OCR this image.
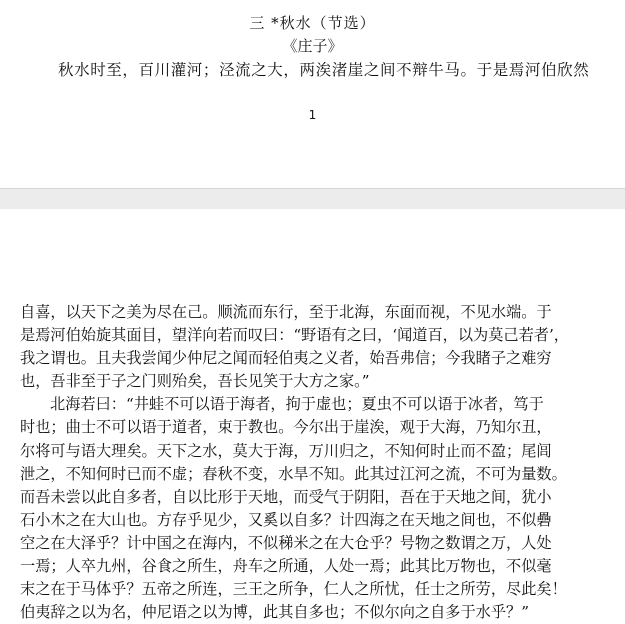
三 *秋水（节选）
《庄子》
秋水时至，百川灌河；泾流之大，两涘渚崖之间不辩牛马。于是焉河伯欣然
1
自喜，以天下之美为尽在己。顺流而东行，至于北海，东面而视，不见水端。于
是焉河伯始旋其面目，望洋向若而叹曰：“野语有之曰，‘闻道百，以为莫己若者’，
我之谓也。且夫我尝闻少仲尼之闻而轻伯夷之义者，始吾弗信；今我睹子之难穷
也，吾非至于子之门则殆矣，吾长见笑于大方之家。”
北海若曰：“井蛙不可以语于海者，拘于虚也；夏虫不可以语于冰者，笃于
时也；曲士不可以语于道者，束于教也。今尔出于崖涘，观于大海，乃知尔丑，
尔将可与语大理矣。天下之水，莫大于海，万川归之，不知何时止而不盈；尾闾
泄之，不知何时已而不虚；春秋不变，水旱不知。此其过江河之流，不可为量数。
而吾未尝以此自多者，自以比形于天地，而受气于阴阳，吾在于天地之间，犹小
石小木之在大山也。方存乎见少，又奚以自多？计四海之在天地之间也，不似礨
空之在大泽乎？计中国之在海内，不似稊米之在大仓乎？号物之数谓之万，人处
一焉；人卒九州，谷食之所生，舟车之所通，人处一焉；此其比万物也，不似毫
末之在于马体乎？五帝之所连，三王之所争，仁人之所忧，任士之所劳，尽此矣！
伯夷辞之以为名，仲尼语之以为博，此其自多也；不似尔向之自多于水乎？”
